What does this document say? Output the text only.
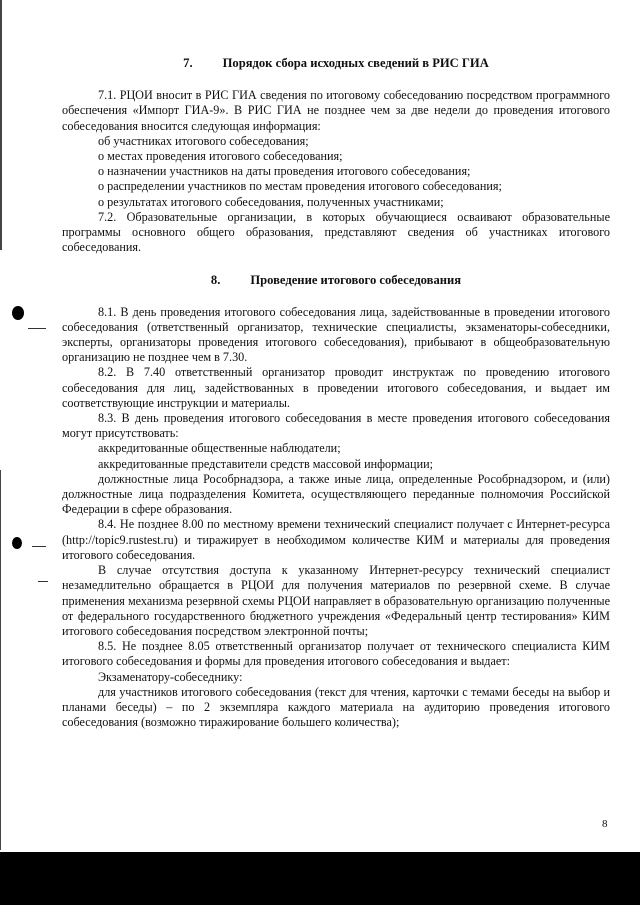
7. Порядок сбора исходных сведений в РИС ГИА

7.1. РЦОИ вносит в РИС ГИА сведения по итоговому собеседованию посредством программного обеспечения «Импорт ГИА-9». В РИС ГИА не позднее чем за две недели до проведения итогового собеседования вносится следующая информация:

об участниках итогового собеседования;

о местах проведения итогового собеседования;

о назначении участников на даты проведения итогового собеседования;

о распределении участников по местам проведения итогового собеседования;

о результатах итогового собеседования, полученных участниками;

7.2. Образовательные организации, в которых обучающиеся осваивают образовательные программы основного общего образования, представляют сведения об участниках итогового собеседования.

8. Проведение итогового собеседования

8.1. В день проведения итогового собеседования лица, задействованные в проведении итогового собеседования (ответственный организатор, технические специалисты, экзаменаторы-собеседники, эксперты, организаторы проведения итогового собеседования), прибывают в общеобразовательную организацию не позднее чем в 7.30.

8.2. В 7.40 ответственный организатор проводит инструктаж по проведению итогового собеседования для лиц, задействованных в проведении итогового собеседования, и выдает им соответствующие инструкции и материалы.

8.3. В день проведения итогового собеседования в месте проведения итогового собеседования могут присутствовать:

аккредитованные общественные наблюдатели;

аккредитованные представители средств массовой информации;

должностные лица Рособрнадзора, а также иные лица, определенные Рособрнадзором, и (или) должностные лица подразделения Комитета, осуществляющего переданные полномочия Российской Федерации в сфере образования.

8.4. Не позднее 8.00 по местному времени технический специалист получает с Интернет-ресурса (http://topic9.rustest.ru) и тиражирует в необходимом количестве КИМ и материалы для проведения итогового собеседования.

В случае отсутствия доступа к указанному Интернет-ресурсу технический специалист незамедлительно обращается в РЦОИ для получения материалов по резервной схеме. В случае применения механизма резервной схемы РЦОИ направляет в образовательную организацию полученные от федерального государственного бюджетного учреждения «Федеральный центр тестирования» КИМ итогового собеседования посредством электронной почты;

8.5. Не позднее 8.05 ответственный организатор получает от технического специалиста КИМ итогового собеседования и формы для проведения итогового собеседования и выдает:

Экзаменатору-собеседнику:

для участников итогового собеседования (текст для чтения, карточки с темами беседы на выбор и планами беседы) – по 2 экземпляра каждого материала на аудиторию проведения итогового собеседования (возможно тиражирование большего количества);

8
